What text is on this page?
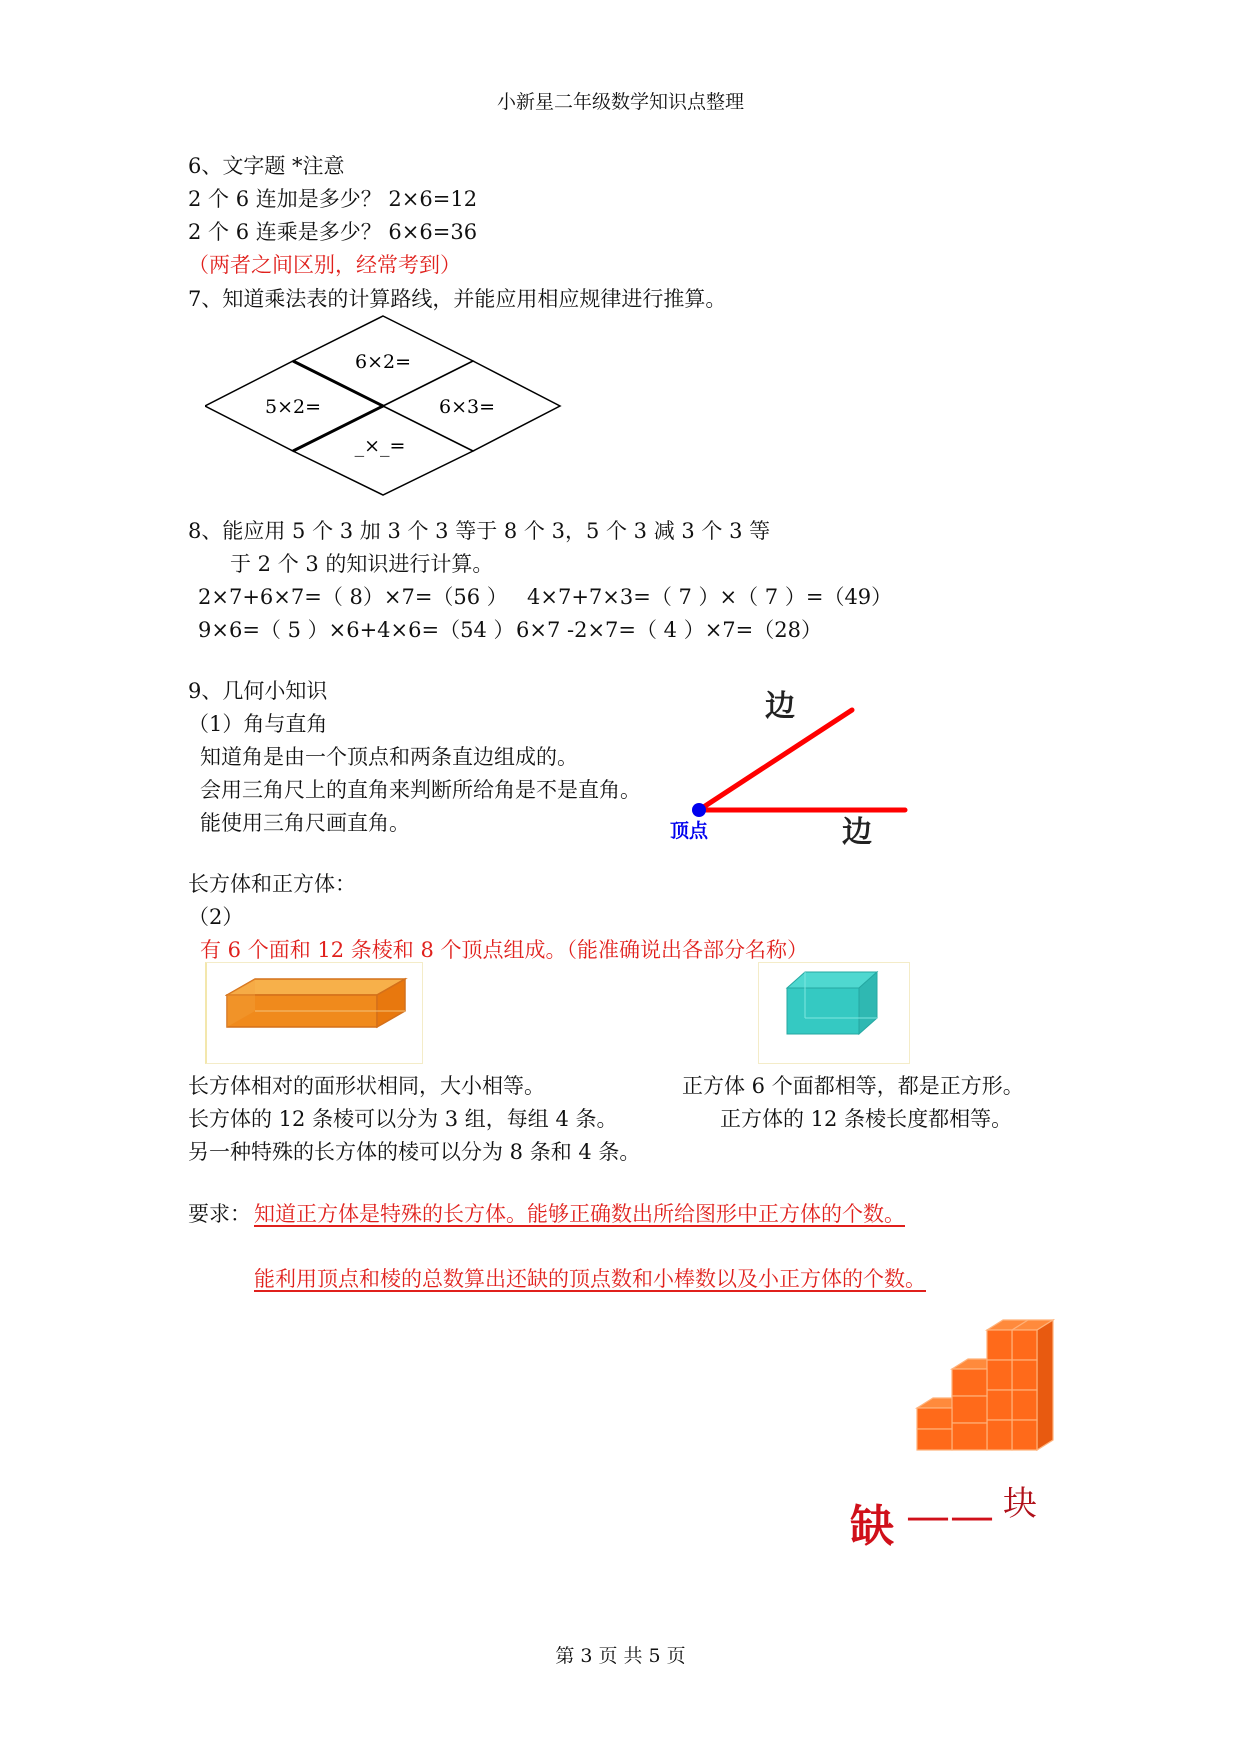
小新星二年级数学知识点整理
6、文字题 *注意
2 个 6 连加是多少？ 2×6=12
2 个 6 连乘是多少？ 6×6=36
（两者之间区别，经常考到）
7、知道乘法表的计算路线，并能应用相应规律进行推算。
6×2=
5×2=	6×3=
_×_=
8、能应用 5 个 3 加 3 个 3 等于 8 个 3，5 个 3 减 3 个 3 等
于 2 个 3 的知识进行计算。
2×7+6×7=（ 8）×7=（56 ） 4×7+7×3=（ 7 ）×（ 7 ）=（49）
9×6=（ 5 ）×6+4×6=（54 ） 6×7 -2×7=（ 4 ）×7=（28）
9、几何小知识
（1）角与直角
知道角是由一个顶点和两条直边组成的。
会用三角尺上的直角来判断所给角是不是直角。
能使用三角尺画直角。
边
边
顶点
长方体和正方体：
（2）
有 6 个面和 12 条棱和 8 个顶点组成。（能准确说出各部分名称）
长方体相对的面形状相同，大小相等。
长方体的 12 条棱可以分为 3 组，每组 4 条。
另一种特殊的长方体的棱可以分为 8 条和 4 条。
正方体 6 个面都相等，都是正方形。
正方体的 12 条棱长度都相等。
要求： 知道正方体是特殊的长方体。能够正确数出所给图形中正方体的个数。
能利用顶点和棱的总数算出还缺的顶点数和小棒数以及小正方体的个数。
缺 —— 块
第 3 页 共 5 页
